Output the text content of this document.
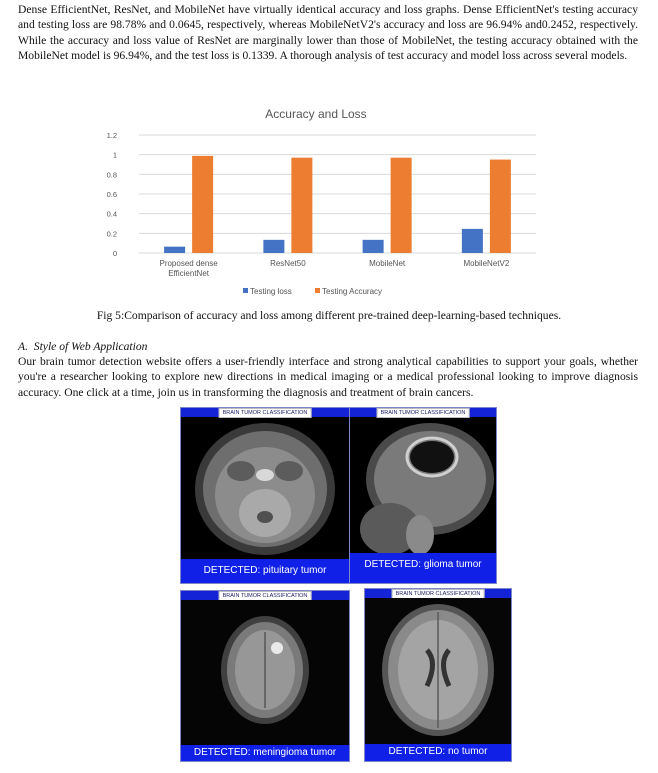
Dense EfficientNet, ResNet, and MobileNet have virtually identical accuracy and loss graphs. Dense EfficientNet's testing accuracy and testing loss are 98.78% and 0.0645, respectively, whereas MobileNetV2's accuracy and loss are 96.94% and0.2452, respectively. While the accuracy and loss value of ResNet are marginally lower than those of MobileNet, the testing accuracy obtained with the MobileNet model is 96.94%, and the test loss is 0.1339. A thorough analysis of test accuracy and model loss across several models.

Accuracy and Loss
0
0.2
0.4
0.6
0.8
1
1.2
Proposed dense
EfficientNet
ResNet50	MobileNet	MobileNetV2
Testing loss	Testing Accuracy
Fig 5:Comparison of accuracy and loss among different pre-trained deep-learning-based techniques.
A. Style of Web Application

Our brain tumor detection website offers a user-friendly interface and strong analytical capabilities to support your goals, whether you're a researcher looking to explore new directions in medical imaging or a medical professional looking to improve diagnosis accuracy. One click at a time, join us in transforming the diagnosis and treatment of brain cancers.

BRAIN TUMOR CLASSIFICATION
DETECTED: pituitary tumor
BRAIN TUMOR CLASSIFICATION
DETECTED: glioma tumor
BRAIN TUMOR CLASSIFICATION
DETECTED: meningioma tumor
BRAIN TUMOR CLASSIFICATION
DETECTED: no tumor
